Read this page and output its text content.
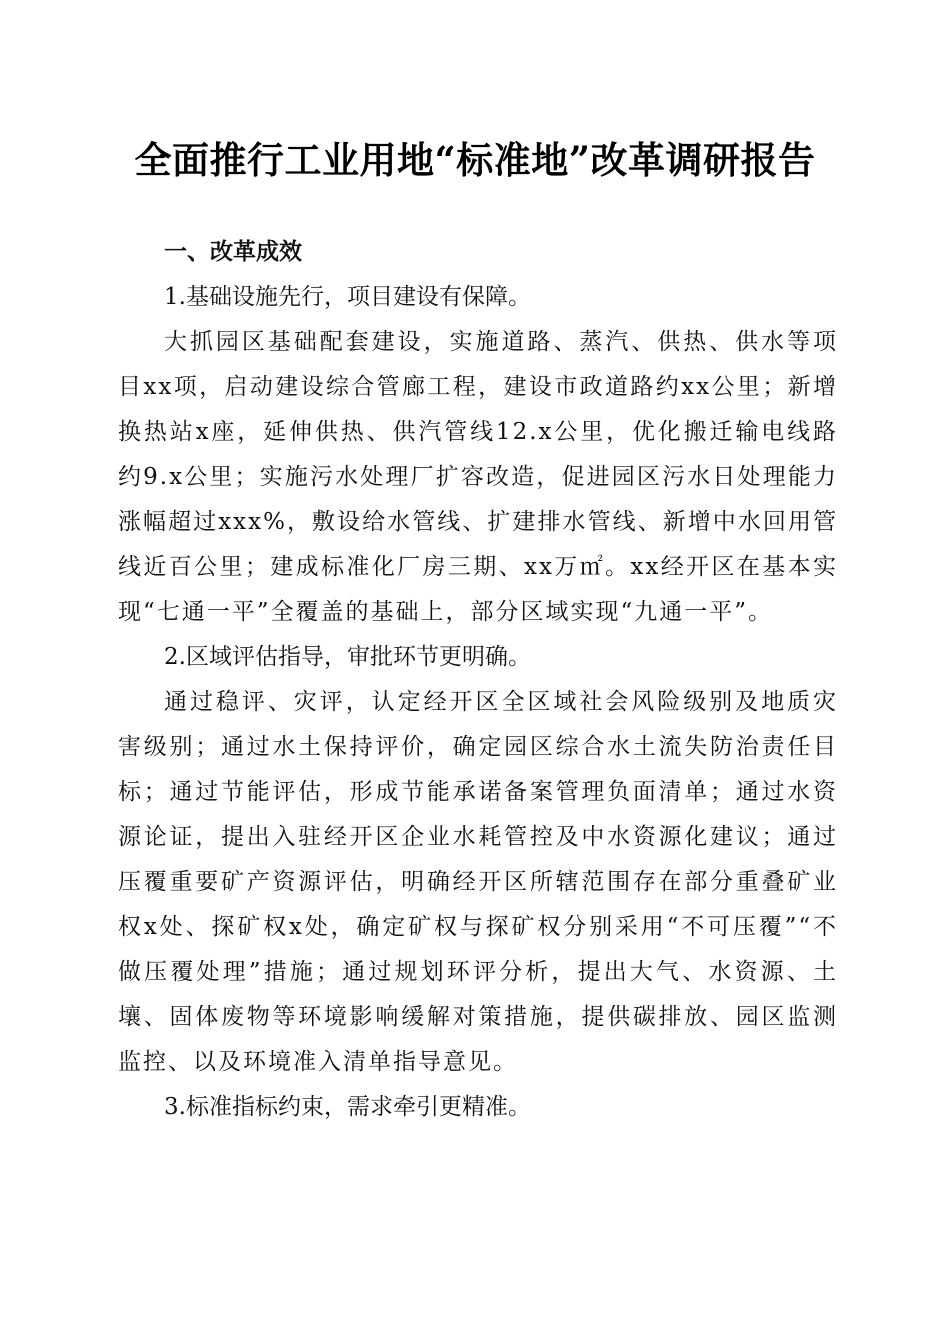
全面推行工业用地“标准地”改革调研报告

一、改革成效

1.基础设施先行，项目建设有保障。

大抓园区基础配套建设，实施道路、蒸汽、供热、供水等项目xx项，启动建设综合管廊工程，建设市政道路约xx公里；新增换热站x座，延伸供热、供汽管线12.x公里，优化搬迁输电线路约9.x公里；实施污水处理厂扩容改造，促进园区污水日处理能力涨幅超过xxx%，敷设给水管线、扩建排水管线、新增中水回用管线近百公里；建成标准化厂房三期、xx万㎡。xx经开区在基本实现“七通一平”全覆盖的基础上，部分区域实现“九通一平”。

2.区域评估指导，审批环节更明确。

通过稳评、灾评，认定经开区全区域社会风险级别及地质灾害级别；通过水土保持评价，确定园区综合水土流失防治责任目标；通过节能评估，形成节能承诺备案管理负面清单；通过水资源论证，提出入驻经开区企业水耗管控及中水资源化建议；通过压覆重要矿产资源评估，明确经开区所辖范围存在部分重叠矿业权x处、探矿权x处，确定矿权与探矿权分别采用“不可压覆”“不做压覆处理”措施；通过规划环评分析，提出大气、水资源、土壤、固体废物等环境影响缓解对策措施，提供碳排放、园区监测监控、以及环境准入清单指导意见。

3.标准指标约束，需求牵引更精准。
